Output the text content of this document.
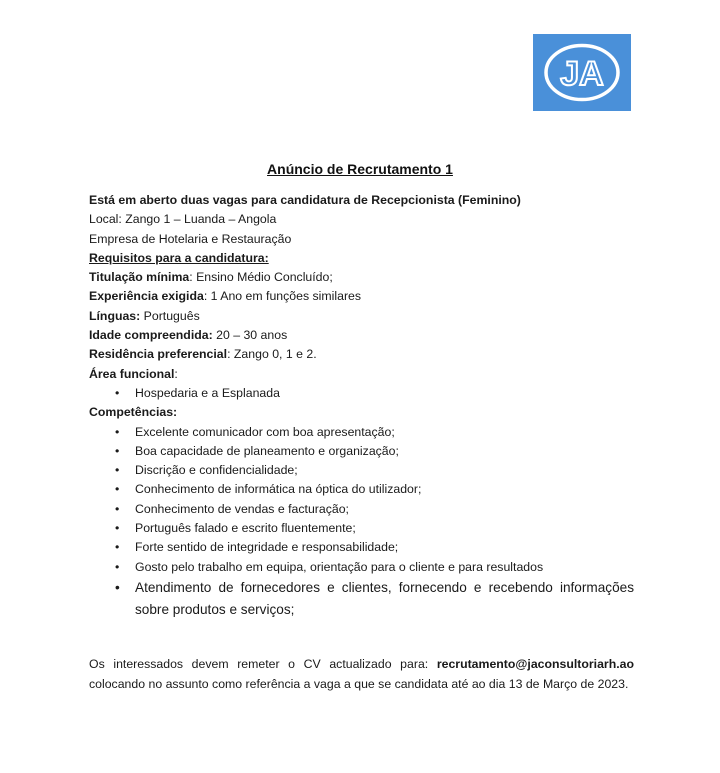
JA
Anúncio de Recrutamento 1
Está em aberto duas vagas para candidatura de Recepcionista (Feminino)
Local: Zango 1 – Luanda – Angola
Empresa de Hotelaria e Restauração
Requisitos para a candidatura:
Titulação mínima: Ensino Médio Concluído;
Experiência exigida: 1 Ano em funções similares
Línguas: Português
Idade compreendida: 20 – 30 anos
Residência preferencial: Zango 0, 1 e 2.
Área funcional:
• Hospedaria e a Esplanada
Competências:
• Excelente comunicador com boa apresentação;
• Boa capacidade de planeamento e organização;
• Discrição e confidencialidade;
• Conhecimento de informática na óptica do utilizador;
• Conhecimento de vendas e facturação;
• Português falado e escrito fluentemente;
• Forte sentido de integridade e responsabilidade;
• Gosto pelo trabalho em equipa, orientação para o cliente e para resultados
• Atendimento de fornecedores e clientes, fornecendo e recebendo informações sobre produtos e serviços;
Os interessados devem remeter o CV actualizado para: recrutamento@jaconsultoriarh.ao colocando no assunto como referência a vaga a que se candidata até ao dia 13 de Março de 2023.
